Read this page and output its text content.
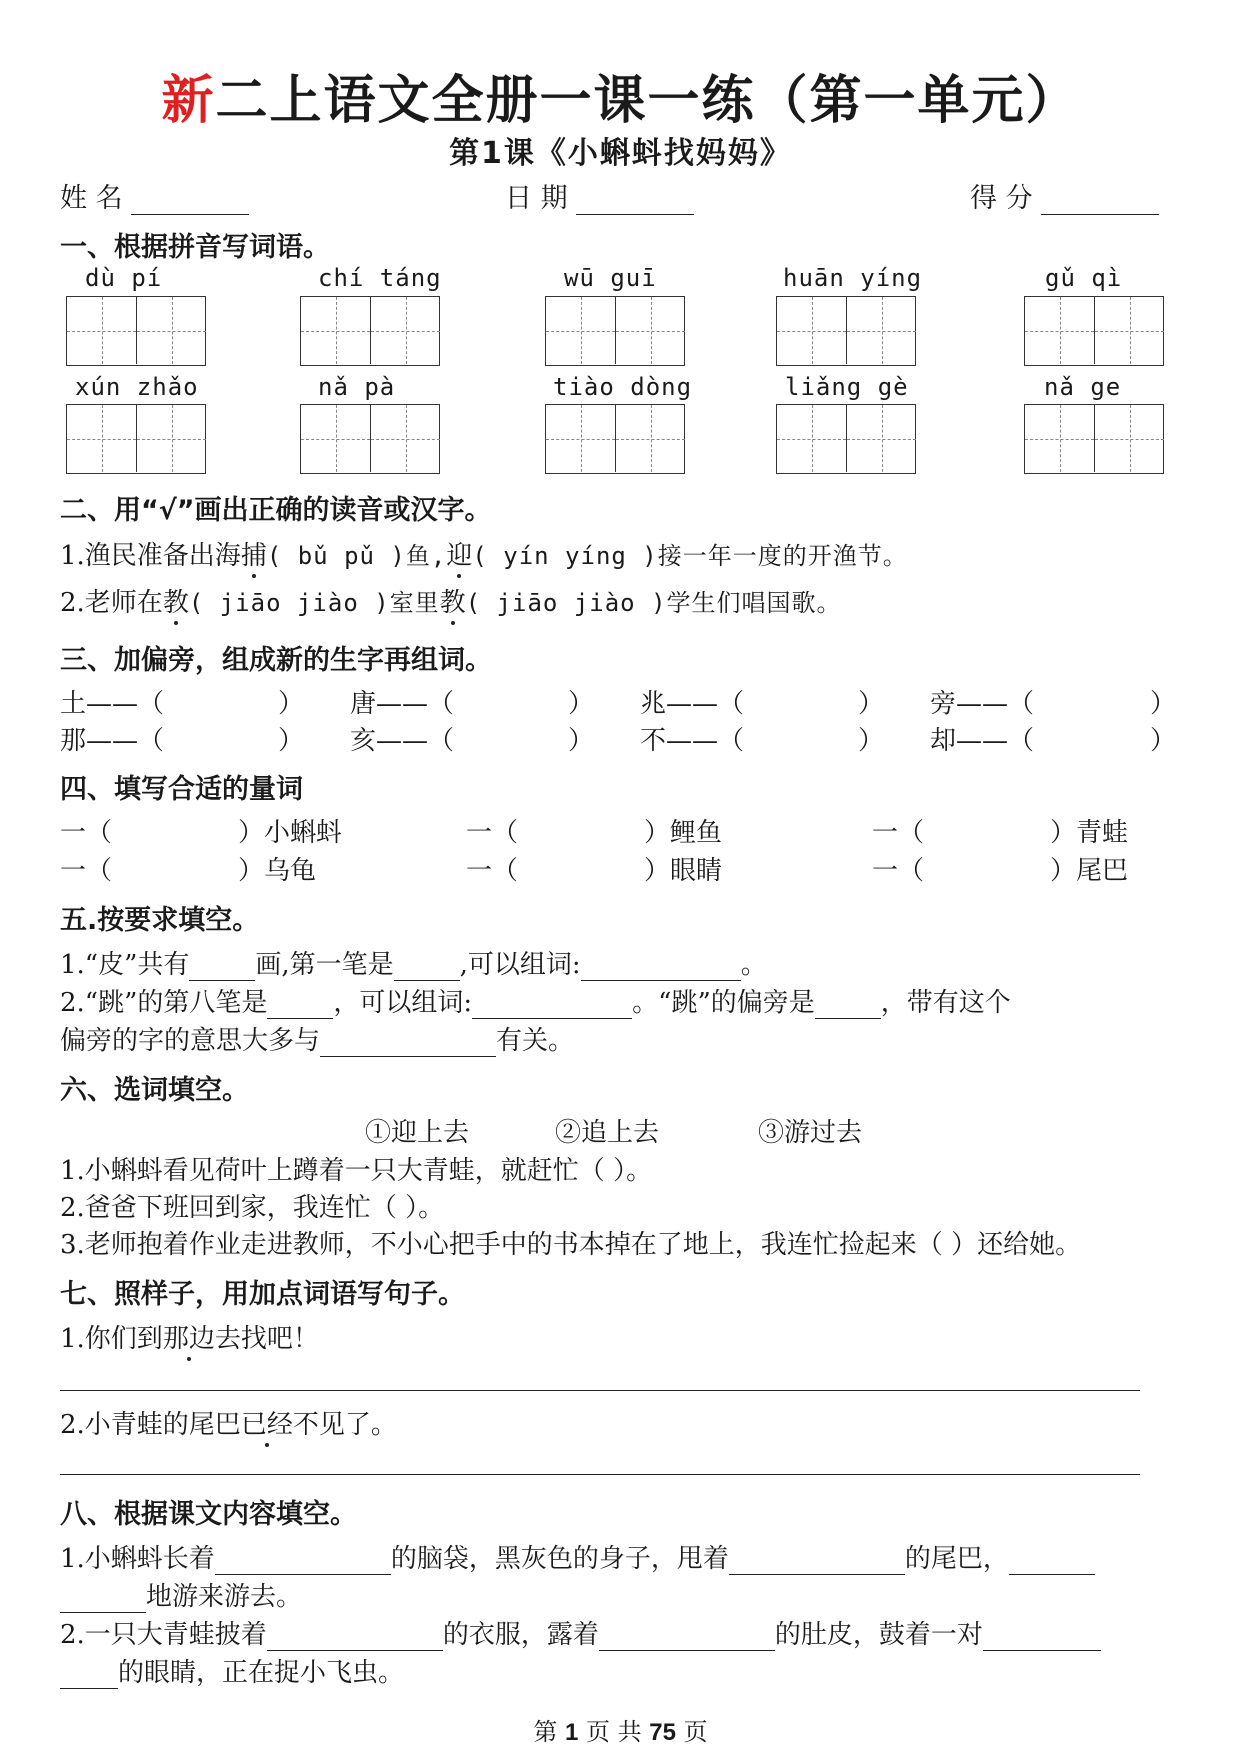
新二上语文全册一课一练（第一单元）
第1课《小蝌蚪找妈妈》
姓 名	日 期	得 分
一、根据拼音写词语。
dù pí	chí táng	wū guī	huān yíng	gǔ qì
xún zhǎo	nǎ pà	tiào dòng	liǎng gè	nǎ ge
二、用“√”画出正确的读音或汉字。
1.渔民准备出海捕( bǔ pǔ )鱼,迎( yín yíng )接一年一度的开渔节。
2.老师在教( jiāo jiào )室里教( jiāo jiào )学生们唱国歌。
三、加偏旁，组成新的生字再组词。
土——（	） 唐——（	） 兆——（	） 旁——（	）
那——（	） 亥——（	） 不——（	） 却——（	）
四、填写合适的量词
一（	）小蝌蚪	一（	）鲤鱼	一（	）青蛙
一（	）乌龟	一（	）眼睛	一（	）尾巴
五.按要求填空。
1.“皮”共有	画,第一笔是	,可以组词:	。
2.“跳”的第八笔是	，可以组词:	。“跳”的偏旁是	，带有这个
偏旁的字的意思大多与	有关。
六、选词填空。
①迎上去	②追上去	③游过去
1.小蝌蚪看见荷叶上蹲着一只大青蛙，就赶忙（ ）。
2.爸爸下班回到家，我连忙（ ）。
3.老师抱着作业走进教师，不小心把手中的书本掉在了地上，我连忙捡起来（ ）还给她。
七、照样子，用加点词语写句子。
1.你们到那边去找吧！
2.小青蛙的尾巴已经不见了。
八、根据课文内容填空。
1.小蝌蚪长着	的脑袋，黑灰色的身子，甩着	的尾巴，
地游来游去。
2.一只大青蛙披着	的衣服，露着	的肚皮，鼓着一对
的眼睛，正在捉小飞虫。
第 1 页 共 75 页
